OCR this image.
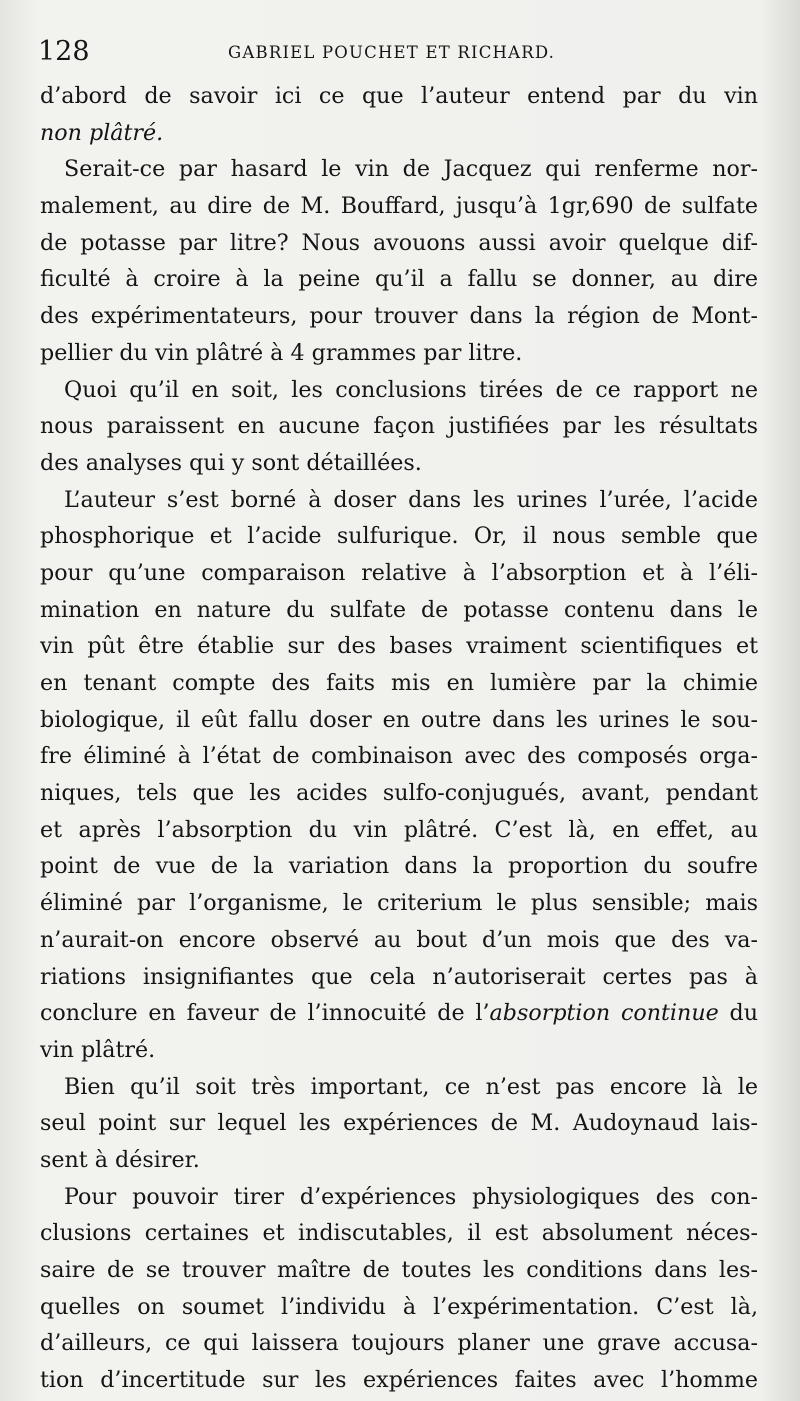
128	GABRIEL POUCHET ET RICHARD.
d’abord de savoir ici ce que l’auteur entend par du vin
non plâtré.
Serait-ce par hasard le vin de Jacquez qui renferme nor-
malement, au dire de M. Bouffard, jusqu’à 1gr,690 de sulfate
de potasse par litre? Nous avouons aussi avoir quelque dif-
ficulté à croire à la peine qu’il a fallu se donner, au dire
des expérimentateurs, pour trouver dans la région de Mont-
pellier du vin plâtré à 4 grammes par litre.
Quoi qu’il en soit, les conclusions tirées de ce rapport ne
nous paraissent en aucune façon justifiées par les résultats
des analyses qui y sont détaillées.
L’auteur s’est borné à doser dans les urines l’urée, l’acide
phosphorique et l’acide sulfurique. Or, il nous semble que
pour qu’une comparaison relative à l’absorption et à l’éli-
mination en nature du sulfate de potasse contenu dans le
vin pût être établie sur des bases vraiment scientifiques et
en tenant compte des faits mis en lumière par la chimie
biologique, il eût fallu doser en outre dans les urines le sou-
fre éliminé à l’état de combinaison avec des composés orga-
niques, tels que les acides sulfo-conjugués, avant, pendant
et après l’absorption du vin plâtré. C’est là, en effet, au
point de vue de la variation dans la proportion du soufre
éliminé par l’organisme, le criterium le plus sensible; mais
n’aurait-on encore observé au bout d’un mois que des va-
riations insignifiantes que cela n’autoriserait certes pas à
conclure en faveur de l’innocuité de l’absorption continue du
vin plâtré.
Bien qu’il soit très important, ce n’est pas encore là le
seul point sur lequel les expériences de M. Audoynaud lais-
sent à désirer.
Pour pouvoir tirer d’expériences physiologiques des con-
clusions certaines et indiscutables, il est absolument néces-
saire de se trouver maître de toutes les conditions dans les-
quelles on soumet l’individu à l’expérimentation. C’est là,
d’ailleurs, ce qui laissera toujours planer une grave accusa-
tion d’incertitude sur les expériences faites avec l’homme
